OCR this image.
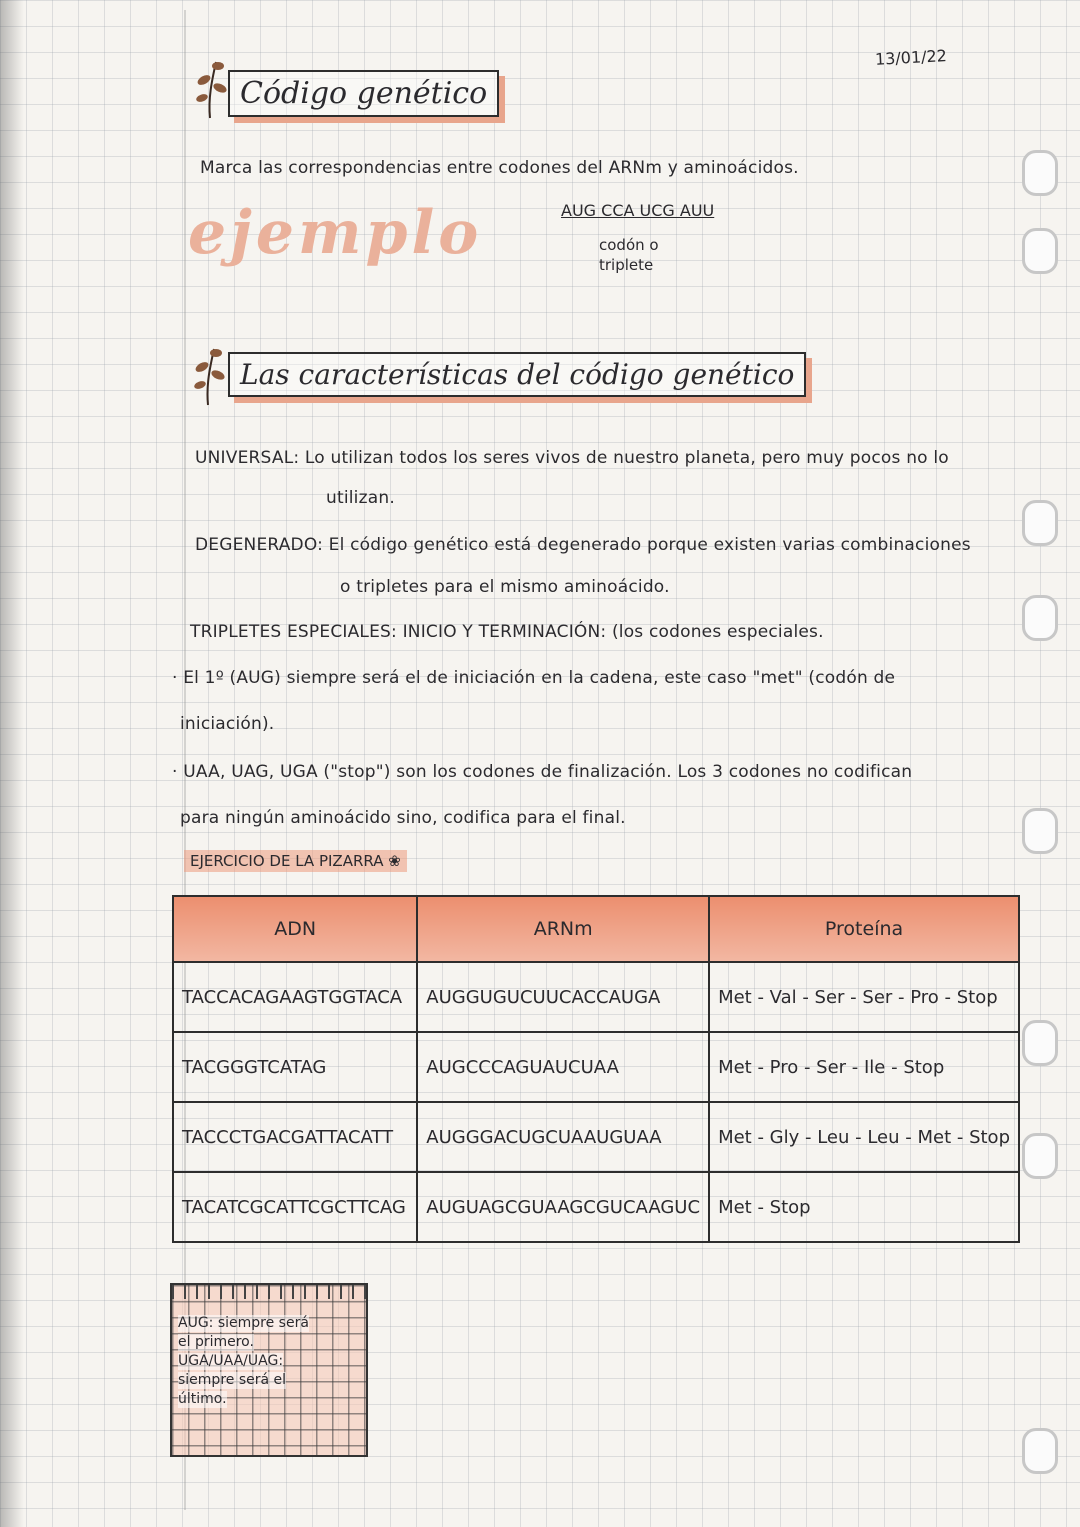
13/01/22
Código genético
Marca las correspondencias entre codones del ARNm y aminoácidos.
ejemplo	AUG CCA UCG AUU
codón o
triplete
Las características del código genético
UNIVERSAL: Lo utilizan todos los seres vivos de nuestro planeta, pero muy pocos no lo
utilizan.
DEGENERADO: El código genético está degenerado porque existen varias combinaciones
o tripletes para el mismo aminoácido.
TRIPLETES ESPECIALES: INICIO Y TERMINACIÓN: (los codones especiales.
· El 1º (AUG) siempre será el de iniciación en la cadena, este caso "met" (codón de
iniciación).
· UAA, UAG, UGA ("stop") son los codones de finalización. Los 3 codones no codifican
para ningún aminoácido sino, codifica para el final.
EJERCICIO DE LA PIZARRA ❀
ADN	ARNm	Proteína
TACCACAGAAGTGGTACA	AUGGUGUCUUCACCAUGA	Met - Val - Ser - Ser - Pro - Stop
TACGGGTCATAG	AUGCCCAGUAUCUAA	Met - Pro - Ser - Ile - Stop
TACCCTGACGATTACATT	AUGGGACUGCUAAUGUAA	Met - Gly - Leu - Leu - Met - Stop
TACATCGCATTCGCTTCAG	AUGUAGCGUAAGCGUCAAGUC	Met - Stop
AUG: siempre será
el primero.
UGA/UAA/UAG:
siempre será el
último.
